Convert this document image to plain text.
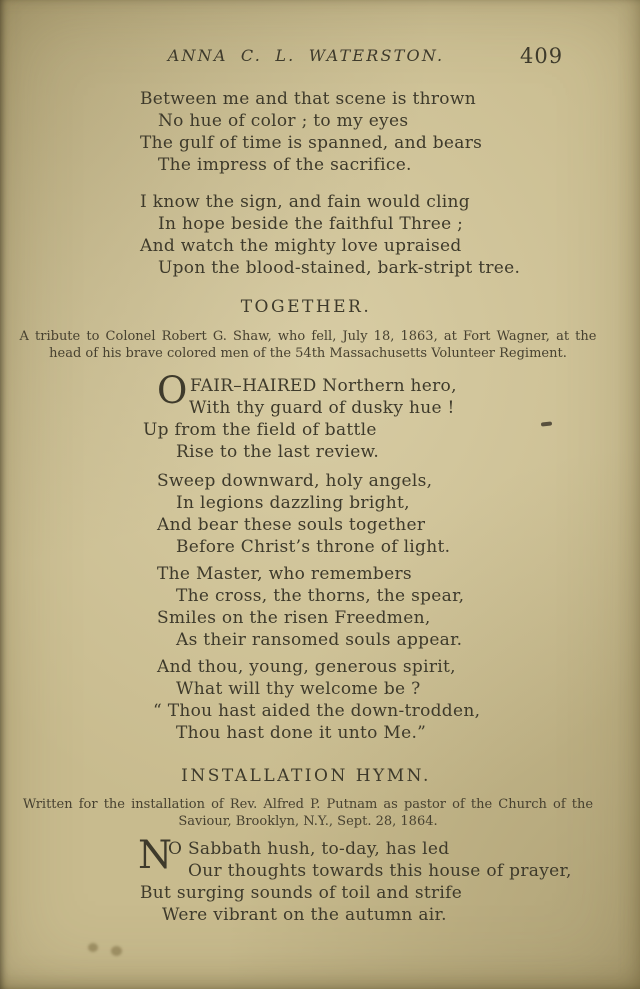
ANNA C. L. WATERSTON.	409
Between me and that scene is thrown
No hue of color ; to my eyes
The gulf of time is spanned, and bears
The impress of the sacrifice.
I know the sign, and fain would cling
In hope beside the faithful Three ;
And watch the mighty love upraised
Upon the blood-stained, bark-stript tree.
TOGETHER.
A tribute to Colonel Robert G. Shaw, who fell, July 18, 1863, at Fort Wagner, at the
head of his brave colored men of the 54th Massachusetts Volunteer Regiment.
O FAIR–HAIRED Northern hero,
With thy guard of dusky hue !
Up from the field of battle
Rise to the last review.
Sweep downward, holy angels,
In legions dazzling bright,
And bear these souls together
Before Christ’s throne of light.
The Master, who remembers
The cross, the thorns, the spear,
Smiles on the risen Freedmen,
As their ransomed souls appear.
And thou, young, generous spirit,
What will thy welcome be ?
“ Thou hast aided the down-trodden,
Thou hast done it unto Me.”
INSTALLATION HYMN.
Written for the installation of Rev. Alfred P. Putnam as pastor of the Church of the
Saviour, Brooklyn, N.Y., Sept. 28, 1864.
N
O Sabbath hush, to-day, has led
Our thoughts towards this house of prayer,
But surging sounds of toil and strife
Were vibrant on the autumn air.
